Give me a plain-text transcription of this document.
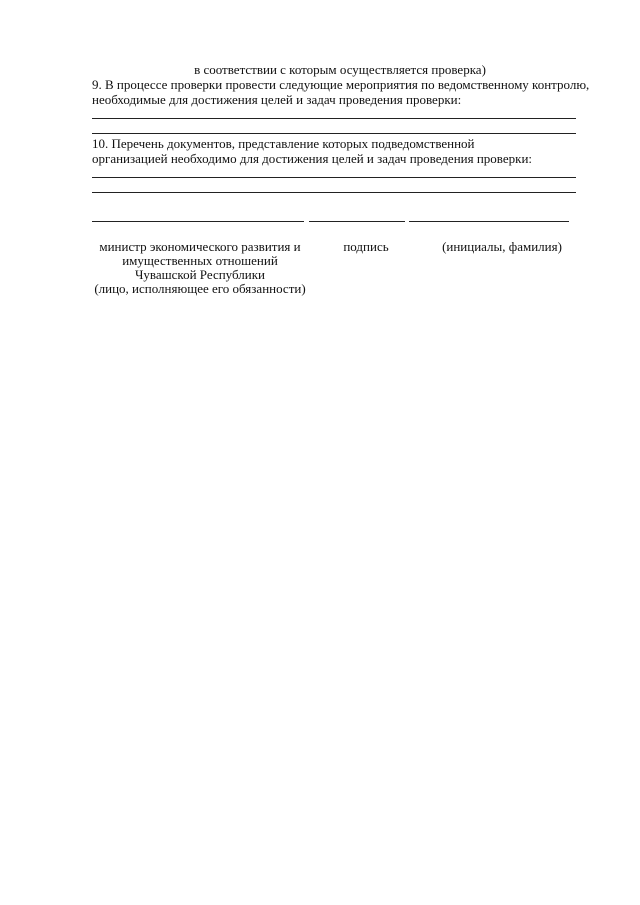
в соответствии с которым осуществляется проверка)
9. В процессе проверки провести следующие мероприятия по ведомственному контролю,
необходимые для достижения целей и задач проведения проверки:
10. Перечень документов, представление которых подведомственной
организацией необходимо для достижения целей и задач проведения проверки:
министр экономического развития и
имущественных отношений
Чувашской Республики
(лицо, исполняющее его обязанности)
подпись	(инициалы, фамилия)
